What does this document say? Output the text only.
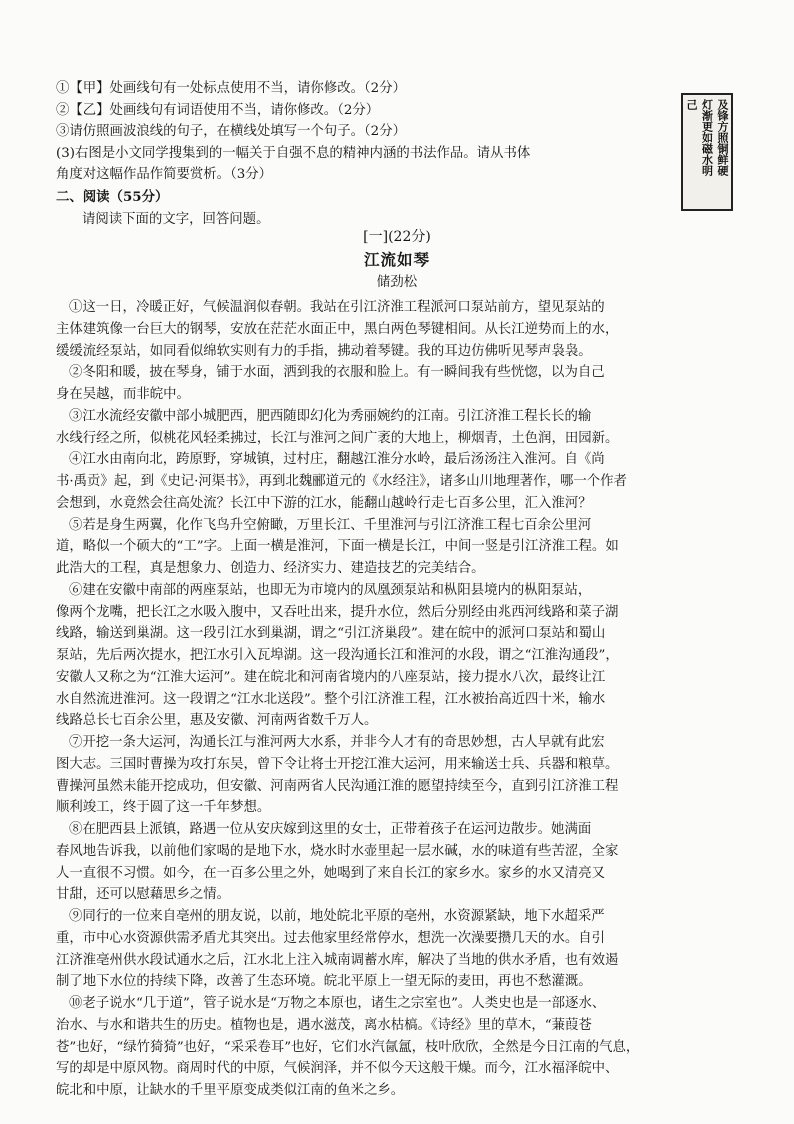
①【甲】处画线句有一处标点使用不当，请你修改。（2分）
②【乙】处画线句有词语使用不当，请你修改。（2分）
③请仿照画波浪线的句子，在横线处填写一个句子。（2分）
(3)右图是小文同学搜集到的一幅关于自强不息的精神内涵的书法作品。请从书体
角度对这幅作品作简要赏析。（3分）
二、阅读（55分）
请阅读下面的文字，回答问题。
及锋方照铜鲜硬
灯渐更如磁水明
己
[一](22分)
江流如琴
储劲松
①这一日，冷暖正好，气候温润似春朝。我站在引江济淮工程派河口泵站前方，望见泵站的
主体建筑像一台巨大的钢琴，安放在茫茫水面正中，黑白两色琴键相间。从长江逆势而上的水，
缓缓流经泵站，如同看似绵软实则有力的手指，拂动着琴键。我的耳边仿佛听见琴声袅袅。
②冬阳和暖，披在琴身，铺于水面，洒到我的衣服和脸上。有一瞬间我有些恍惚，以为自己
身在吴越，而非皖中。
③江水流经安徽中部小城肥西，肥西随即幻化为秀丽婉约的江南。引江济淮工程长长的输
水线行经之所，似桃花风轻柔拂过，长江与淮河之间广袤的大地上，柳烟青，土色润，田园新。
④江水由南向北，跨原野，穿城镇，过村庄，翻越江淮分水岭，最后汤汤注入淮河。自《尚
书·禹贡》起，到《史记·河渠书》，再到北魏郦道元的《水经注》，诸多山川地理著作，哪一个作者
会想到，水竟然会往高处流？长江中下游的江水，能翻山越岭行走七百多公里，汇入淮河？
⑤若是身生两翼，化作飞鸟升空俯瞰，万里长江、千里淮河与引江济淮工程七百余公里河
道，略似一个硕大的“工”字。上面一横是淮河，下面一横是长江，中间一竖是引江济淮工程。如
此浩大的工程，真是想象力、创造力、经济实力、建造技艺的完美结合。
⑥建在安徽中南部的两座泵站，也即无为市境内的凤凰颈泵站和枞阳县境内的枞阳泵站，
像两个龙嘴，把长江之水吸入腹中，又吞吐出来，提升水位，然后分别经由兆西河线路和菜子湖
线路，输送到巢湖。这一段引江水到巢湖，谓之“引江济巢段”。建在皖中的派河口泵站和蜀山
泵站，先后两次提水，把江水引入瓦埠湖。这一段沟通长江和淮河的水段，谓之“江淮沟通段”，
安徽人又称之为“江淮大运河”。建在皖北和河南省境内的八座泵站，接力提水八次，最终让江
水自然流进淮河。这一段谓之“江水北送段”。整个引江济淮工程，江水被抬高近四十米，输水
线路总长七百余公里，惠及安徽、河南两省数千万人。
⑦开挖一条大运河，沟通长江与淮河两大水系，并非今人才有的奇思妙想，古人早就有此宏
图大志。三国时曹操为攻打东吴，曾下令让将士开挖江淮大运河，用来输送士兵、兵器和粮草。
曹操河虽然未能开挖成功，但安徽、河南两省人民沟通江淮的愿望持续至今，直到引江济淮工程
顺利竣工，终于圆了这一千年梦想。
⑧在肥西县上派镇，路遇一位从安庆嫁到这里的女士，正带着孩子在运河边散步。她满面
春风地告诉我，以前他们家喝的是地下水，烧水时水壶里起一层水碱，水的味道有些苦涩，全家
人一直很不习惯。如今，在一百多公里之外，她喝到了来自长江的家乡水。家乡的水又清亮又
甘甜，还可以慰藉思乡之情。
⑨同行的一位来自亳州的朋友说，以前，地处皖北平原的亳州，水资源紧缺，地下水超采严
重，市中心水资源供需矛盾尤其突出。过去他家里经常停水，想洗一次澡要攒几天的水。自引
江济淮亳州供水段试通水之后，江水北上注入城南调蓄水库，解决了当地的供水矛盾，也有效遏
制了地下水位的持续下降，改善了生态环境。皖北平原上一望无际的麦田，再也不愁灌溉。
⑩老子说水“几于道”，管子说水是“万物之本原也，诸生之宗室也”。人类史也是一部逐水、
治水、与水和谐共生的历史。植物也是，遇水滋茂，离水枯槁。《诗经》里的草木，“蒹葭苍
苍”也好，“绿竹猗猗”也好，“采采卷耳”也好，它们水汽氤氲，枝叶欣欣，全然是今日江南的气息，
写的却是中原风物。商周时代的中原，气候润泽，并不似今天这般干燥。而今，江水福泽皖中、
皖北和中原，让缺水的千里平原变成类似江南的鱼米之乡。
